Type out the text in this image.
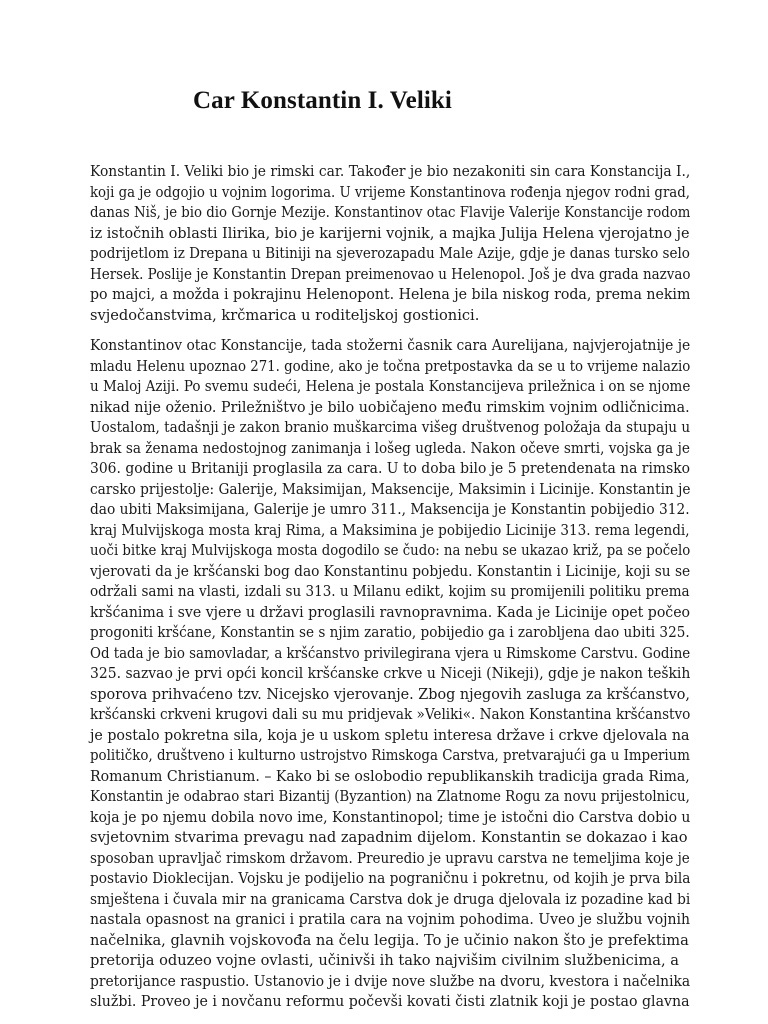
Car Konstantin I. Veliki

Konstantin I. Veliki bio je rimski car. Također je bio nezakoniti sin cara Konstancija I.,koji ga je odgojio u vojnim logorima. U vrijeme Konstantinova rođenja njegov rodni grad,danas Niš, je bio dio Gornje Mezije. Konstantinov otac Flavije Valerije Konstancije rodomiz istočnih oblasti Ilirika, bio je karijerni vojnik, a majka Julija Helena vjerojatno jepodrijetlom iz Drepana u Bitiniji na sjeverozapadu Male Azije, gdje je danas tursko seloHersek. Poslije je Konstantin Drepan preimenovao u Helenopol. Još je dva grada nazvaopo majci, a možda i pokrajinu Helenopont. Helena je bila niskog roda, prema nekim
svjedočanstvima, krčmarica u roditeljskoj gostionici.

Konstantinov otac Konstancije, tada stožerni časnik cara Aurelijana, najvjerojatnije jemladu Helenu upoznao 271. godine, ako je točna pretpostavka da se u to vrijeme nalaziou Maloj Aziji. Po svemu sudeći, Helena je postala Konstancijeva priležnica i on se njomenikad nije oženio. Priležništvo je bilo uobičajeno među rimskim vojnim odličnicima.Uostalom, tadašnji je zakon branio muškarcima višeg društvenog položaja da stupaju ubrak sa ženama nedostojnog zanimanja i lošeg ugleda. Nakon očeve smrti, vojska ga je306. godine u Britaniji proglasila za cara. U to doba bilo je 5 pretendenata na rimskocarsko prijestolje: Galerije, Maksimijan, Maksencije, Maksimin i Licinije. Konstantin jedao ubiti Maksimijana, Galerije je umro 311., Maksencija je Konstantin pobijedio 312.kraj Mulvijskoga mosta kraj Rima, a Maksimina je pobijedio Licinije 313. rema legendi,uoči bitke kraj Mulvijskoga mosta dogodilo se čudo: na nebu se ukazao križ, pa se počelovjerovati da je kršćanski bog dao Konstantinu pobjedu. Konstantin i Licinije, koji su seodržali sami na vlasti, izdali su 313. u Milanu edikt, kojim su promijenili politiku premakršćanima i sve vjere u državi proglasili ravnopravnima. Kada je Licinije opet počeoprogoniti kršćane, Konstantin se s njim zaratio, pobijedio ga i zarobljena dao ubiti 325.Od tada je bio samovladar, a kršćanstvo privilegirana vjera u Rimskome Carstvu. Godine325. sazvao je prvi opći koncil kršćanske crkve u Niceji (Nikeji), gdje je nakon teškihsporova prihvaćeno tzv. Nicejsko vjerovanje. Zbog njegovih zasluga za kršćanstvo,kršćanski crkveni krugovi dali su mu pridjevak »Veliki«. Nakon Konstantina kršćanstvoje postalo pokretna sila, koja je u uskom spletu interesa države i crkve djelovala napolitičko, društveno i kulturno ustrojstvo Rimskoga Carstva, pretvarajući ga u ImperiumRomanum Christianum. – Kako bi se oslobodio republikanskih tradicija grada Rima,Konstantin je odabrao stari Bizantij (Byzantion) na Zlatnome Rogu za novu prijestolnicu,koja je po njemu dobila novo ime, Konstantinopol; time je istočni dio Carstva dobio u
svjetovnim stvarima prevagu nad zapadnim dijelom. Konstantin se dokazao i kao
sposoban upravljač rimskom državom. Preuredio je upravu carstva ne temeljima koje jepostavio Dioklecijan. Vojsku je podijelio na pograničnu i pokretnu, od kojih je prva bilasmještena i čuvala mir na granicama Carstva dok je druga djelovala iz pozadine kad binastala opasnost na granici i pratila cara na vojnim pohodima. Uveo je službu vojnih
načelnika, glavnih vojskovođa na čelu legija. To je učinio nakon što je prefektima
pretorija oduzeo vojne ovlasti, učinivši ih tako najvišim civilnim službenicima, a
pretorijance raspustio. Ustanovio je i dvije nove službe na dvoru, kvestora i načelnikaslužbi. Proveo je i novčanu reformu počevši kovati čisti zlatnik koji je postao glavna
